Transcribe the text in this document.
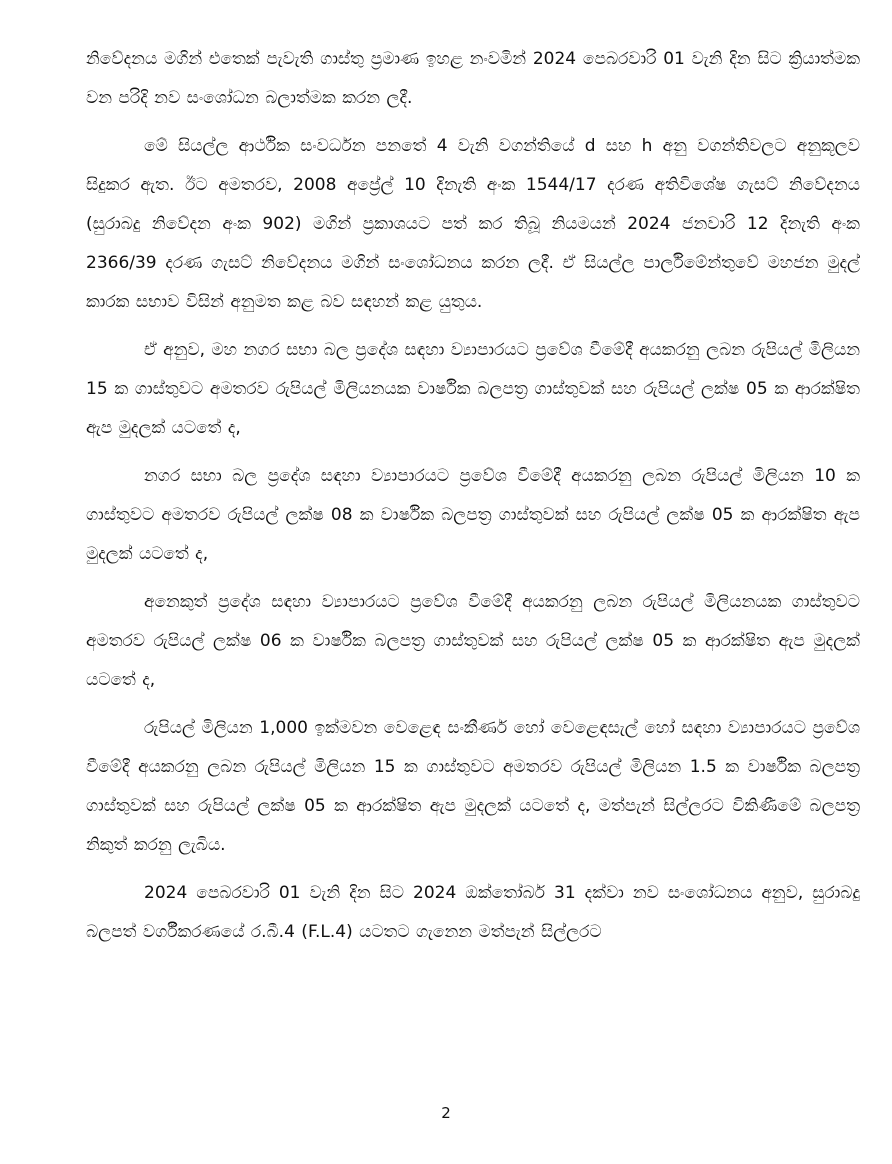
නිවේදනය මගින් එතෙක් පැවැති ගාස්තු ප්‍රමාණ ඉහළ නංවමින් 2024 පෙබරවාරි 01 වැනි දින සිට ක්‍රියාත්මක වන පරිදි නව සංශෝධන බලාත්මක කරන ලදී.

මේ සියල්ල ආර්ථික සංවර්ධන පනතේ 4 වැනි වගන්තියේ d සහ h අනු වගන්තිවලට අනුකූලව සිදුකර ඇත. ඊට අමතරව, 2008 අප්‍රේල් 10 දිනැති අංක 1544/17 දරණ අතිවිශේෂ ගැසට් නිවේදනය (සුරාබදු නිවේදන අංක 902) මගින් ප්‍රකාශයට පත් කර තිබූ නියමයන් 2024 ජනවාරි 12 දිනැති අංක 2366/39 දරණ ගැසට් නිවේදනය මගින් සංශෝධනය කරන ලදී. ඒ සියල්ල පාර්ලිමේන්තුවේ මහජන මුදල් කාරක සභාව විසින් අනුමත කළ බව සඳහන් කළ යුතුය.

ඒ අනුව, මහ නගර සභා බල ප්‍රදේශ සඳහා ව්‍යාපාරයට ප්‍රවේශ වීමේදී අයකරනු ලබන රුපියල් මිලියන 15 ක ගාස්තුවට අමතරව රුපියල් මිලියනයක වාර්ෂික බලපත්‍ර ගාස්තුවක් සහ රුපියල් ලක්ෂ 05 ක ආරක්ෂිත ඇප මුදලක් යටතේ ද,

නගර සභා බල ප්‍රදේශ සඳහා ව්‍යාපාරයට ප්‍රවේශ වීමේදී අයකරනු ලබන රුපියල් මිලියන 10 ක ගාස්තුවට අමතරව රුපියල් ලක්ෂ 08 ක වාර්ෂික බලපත්‍ර ගාස්තුවක් සහ රුපියල් ලක්ෂ 05 ක ආරක්ෂිත ඇප මුදලක් යටතේ ද,

අනෙකුත් ප්‍රදේශ සඳහා ව්‍යාපාරයට ප්‍රවේශ වීමේදී අයකරනු ලබන රුපියල් මිලියනයක ගාස්තුවට අමතරව රුපියල් ලක්ෂ 06 ක වාර්ෂික බලපත්‍ර ගාස්තුවක් සහ රුපියල් ලක්ෂ 05 ක ආරක්ෂිත ඇප මුදලක් යටතේ ද,

රුපියල් මිලියන 1,000 ඉක්මවන වෙළෙඳ සංකීර්ණ හෝ වෙළෙඳසැල් හෝ සඳහා ව්‍යාපාරයට ප්‍රවේශ වීමේදී අයකරනු ලබන රුපියල් මිලියන 15 ක ගාස්තුවට අමතරව රුපියල් මිලියන 1.5 ක වාර්ෂික බලපත්‍ර ගාස්තුවක් සහ රුපියල් ලක්ෂ 05 ක ආරක්ෂිත ඇප මුදලක් යටතේ ද, මත්පැන් සිල්ලරට විකිණීමේ බලපත්‍ර නිකුත් කරනු ලැබිය.

2024 පෙබරවාරි 01 වැනි දින සිට 2024 ඔක්තෝබර් 31 දක්වා නව සංශෝධනය අනුව, සුරාබදු බලපත් වර්ගීකරණයේ ර.බී.4 (F.L.4) යටතට ගැනෙන මත්පැන් සිල්ලරට

2
